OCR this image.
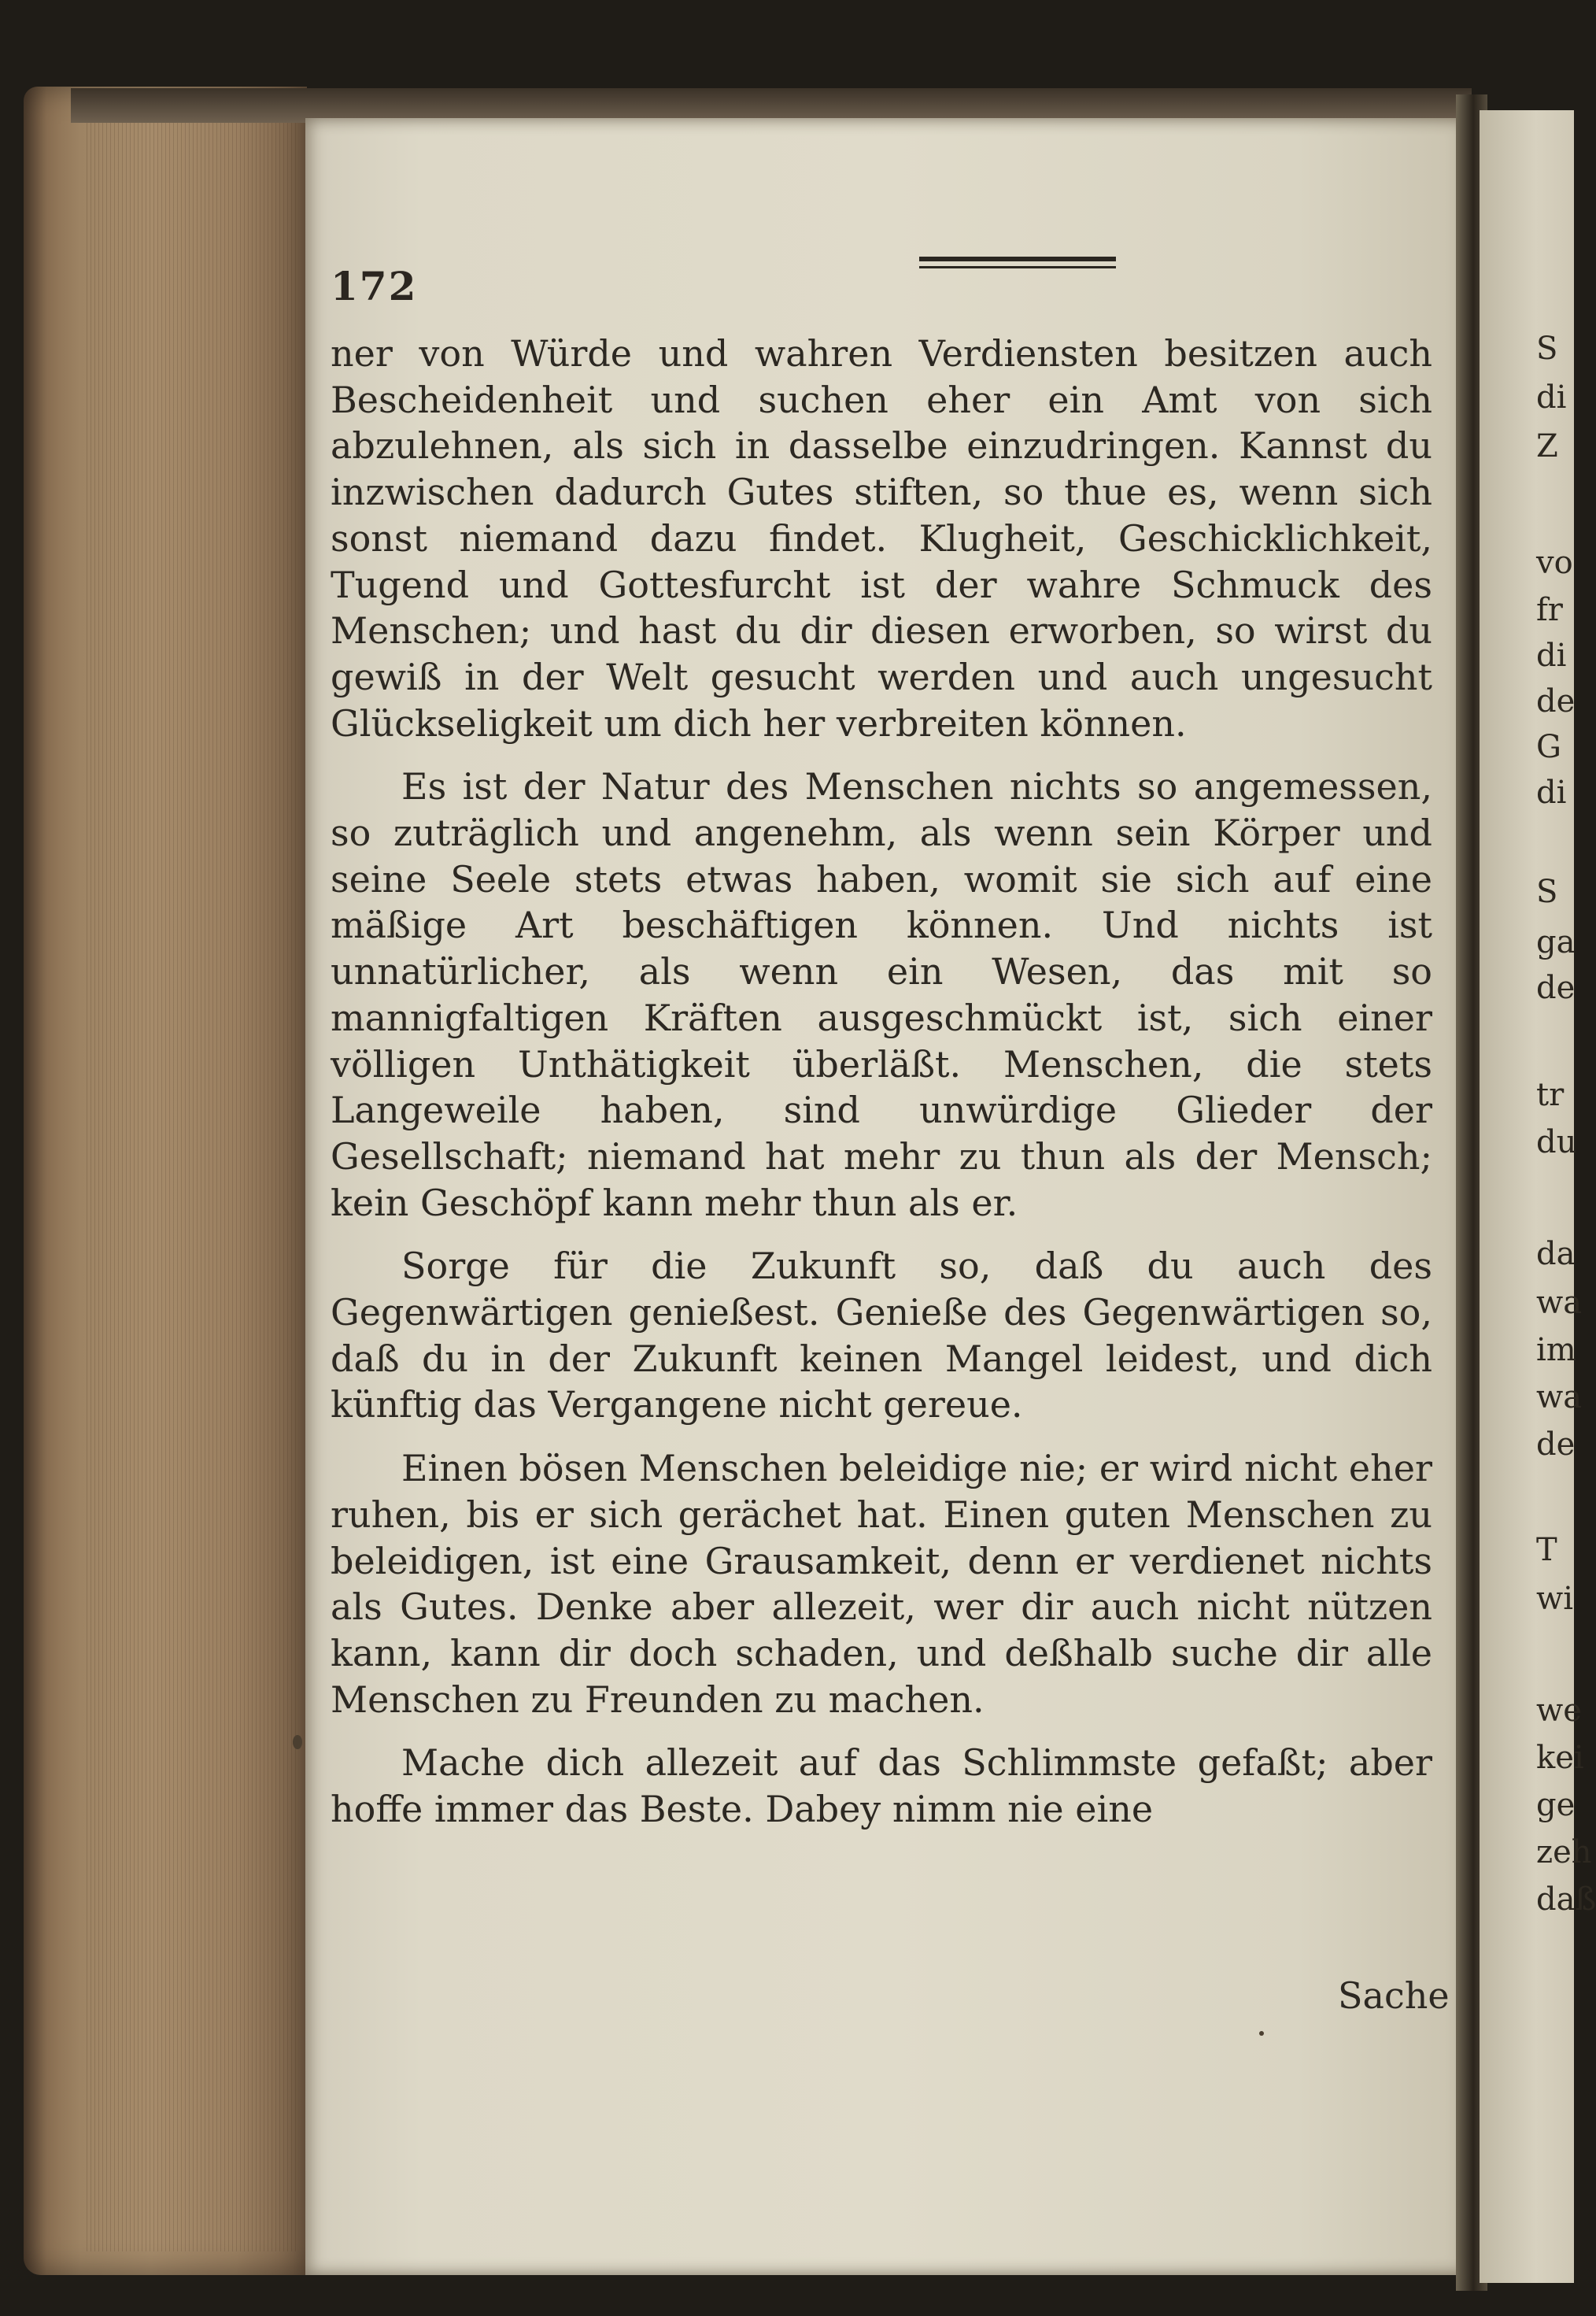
172

ner von Würde und wahren Verdiensten besitzen auch Bescheidenheit und suchen eher ein Amt von sich abzulehnen, als sich in dasselbe einzudringen. Kannst du inzwischen dadurch Gutes stiften, so thue es, wenn sich sonst niemand dazu findet. Klugheit, Geschicklichkeit, Tugend und Gottesfurcht ist der wahre Schmuck des Menschen; und hast du dir diesen erworben, so wirst du gewiß in der Welt gesucht werden und auch ungesucht Glückseligkeit um dich her verbreiten können.

Es ist der Natur des Menschen nichts so angemessen, so zuträglich und angenehm, als wenn sein Körper und seine Seele stets etwas haben, womit sie sich auf eine mäßige Art beschäftigen können. Und nichts ist unnatürlicher, als wenn ein Wesen, das mit so mannigfaltigen Kräften ausgeschmückt ist, sich einer völligen Unthätigkeit überläßt. Menschen, die stets Langeweile haben, sind unwürdige Glieder der Gesellschaft; niemand hat mehr zu thun als der Mensch; kein Geschöpf kann mehr thun als er.

Sorge für die Zukunft so, daß du auch des Gegenwärtigen genießest. Genieße des Gegenwärtigen so, daß du in der Zukunft keinen Mangel leidest, und dich künftig das Vergangene nicht gereue.

Einen bösen Menschen beleidige nie; er wird nicht eher ruhen, bis er sich gerächet hat. Einen guten Menschen zu beleidigen, ist eine Grausamkeit, denn er verdienet nichts als Gutes. Denke aber allezeit, wer dir auch nicht nützen kann, kann dir doch schaden, und deßhalb suche dir alle Menschen zu Freunden zu machen.

Mache dich allezeit auf das Schlimmste gefaßt; aber hoffe immer das Beste. Dabey nimm nie eine

Sache
S
di
Z
vo
fr
di
de
G
di
S
ga
de
tr
du
da
wa
im
wa
de
T
wi
we
kei
ge
zeh
daß
